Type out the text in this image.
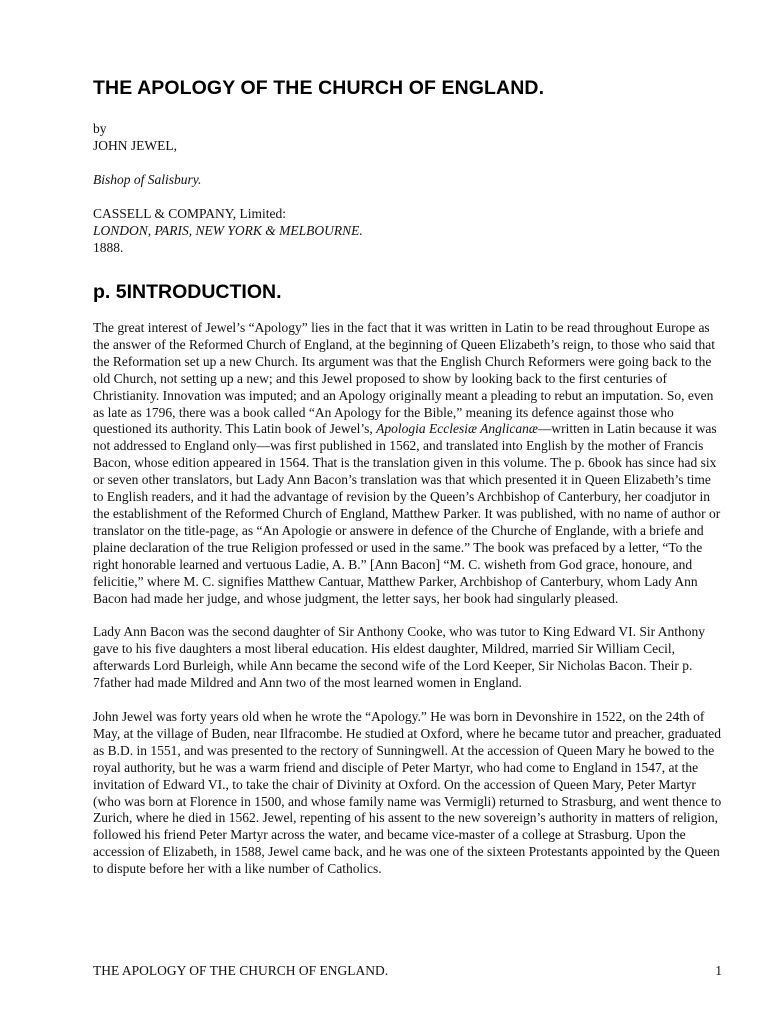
THE APOLOGY OF THE CHURCH OF ENGLAND.
by
JOHN JEWEL,
Bishop of Salisbury.
CASSELL & COMPANY, Limited:
LONDON, PARIS, NEW YORK & MELBOURNE.
1888.
p. 5INTRODUCTION.

The great interest of Jewel’s “Apology” lies in the fact that it was written in Latin to be read throughout Europe as the answer of the Reformed Church of England, at the beginning of Queen Elizabeth’s reign, to those who said that the Reformation set up a new Church. Its argument was that the English Church Reformers were going back to the old Church, not setting up a new; and this Jewel proposed to show by looking back to the first centuries of Christianity. Innovation was imputed; and an Apology originally meant a pleading to rebut an imputation. So, even as late as 1796, there was a book called “An Apology for the Bible,” meaning its defence against those who questioned its authority. This Latin book of Jewel’s, Apologia Ecclesiæ Anglicanæ—written in Latin because it was not addressed to England only—was first published in 1562, and translated into English by the mother of Francis Bacon, whose edition appeared in 1564. That is the translation given in this volume. The p. 6book has since had six or seven other translators, but Lady Ann Bacon’s translation was that which presented it in Queen Elizabeth’s time to English readers, and it had the advantage of revision by the Queen’s Archbishop of Canterbury, her coadjutor in the establishment of the Reformed Church of England, Matthew Parker. It was published, with no name of author or translator on the title-page, as “An Apologie or answere in defence of the Churche of Englande, with a briefe and plaine declaration of the true Religion professed or used in the same.” The book was prefaced by a letter, “To the right honorable learned and vertuous Ladie, A. B.” [Ann Bacon] “M. C. wisheth from God grace, honoure, and felicitie,” where M. C. signifies Matthew Cantuar, Matthew Parker, Archbishop of Canterbury, whom Lady Ann Bacon had made her judge, and whose judgment, the letter says, her book had singularly pleased.

Lady Ann Bacon was the second daughter of Sir Anthony Cooke, who was tutor to King Edward VI. Sir Anthony gave to his five daughters a most liberal education. His eldest daughter, Mildred, married Sir William Cecil, afterwards Lord Burleigh, while Ann became the second wife of the Lord Keeper, Sir Nicholas Bacon. Their p. 7father had made Mildred and Ann two of the most learned women in England.

John Jewel was forty years old when he wrote the “Apology.” He was born in Devonshire in 1522, on the 24th of May, at the village of Buden, near Ilfracombe. He studied at Oxford, where he became tutor and preacher, graduated as B.D. in 1551, and was presented to the rectory of Sunningwell. At the accession of Queen Mary he bowed to the royal authority, but he was a warm friend and disciple of Peter Martyr, who had come to England in 1547, at the invitation of Edward VI., to take the chair of Divinity at Oxford. On the accession of Queen Mary, Peter Martyr (who was born at Florence in 1500, and whose family name was Vermigli) returned to Strasburg, and went thence to Zurich, where he died in 1562. Jewel, repenting of his assent to the new sovereign’s authority in matters of religion, followed his friend Peter Martyr across the water, and became vice-master of a college at Strasburg. Upon the accession of Elizabeth, in 1588, Jewel came back, and he was one of the sixteen Protestants appointed by the Queen to dispute before her with a like number of Catholics.

THE APOLOGY OF THE CHURCH OF ENGLAND.	1
